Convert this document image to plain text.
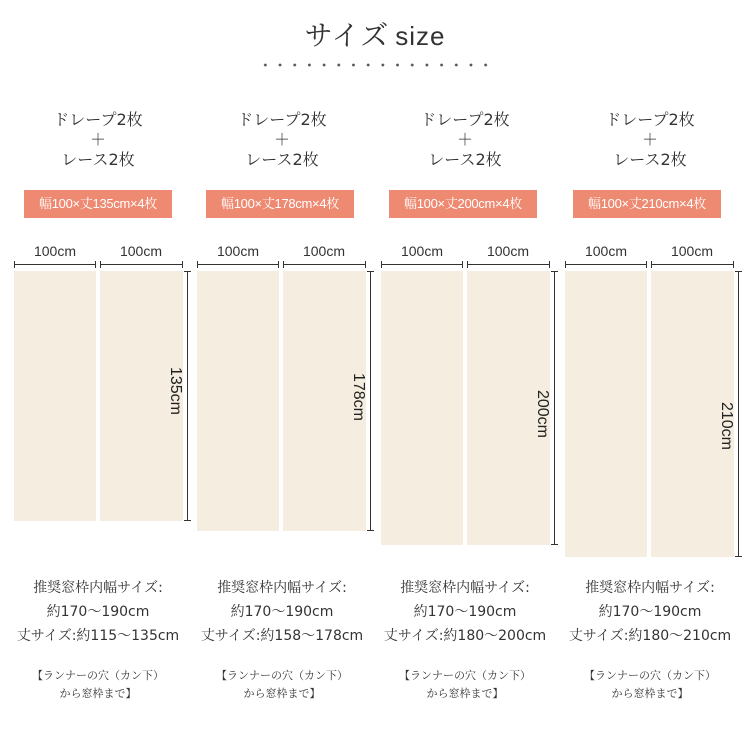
サイズ size
ドレープ2枚
＋
レース2枚
幅100×丈135cm×4枚
100cm	100cm
135cm
推奨窓枠内幅サイズ:
約170〜190cm
丈サイズ:約115〜135cm
【ランナーの穴（カン下）
から窓枠まで】
ドレープ2枚
＋
レース2枚
幅100×丈178cm×4枚
100cm	100cm
178cm
推奨窓枠内幅サイズ:
約170〜190cm
丈サイズ:約158〜178cm
【ランナーの穴（カン下）
から窓枠まで】
ドレープ2枚
＋
レース2枚
幅100×丈200cm×4枚
100cm	100cm
200cm
推奨窓枠内幅サイズ:
約170〜190cm
丈サイズ:約180〜200cm
【ランナーの穴（カン下）
から窓枠まで】
ドレープ2枚
＋
レース2枚
幅100×丈210cm×4枚
100cm	100cm
210cm
推奨窓枠内幅サイズ:
約170〜190cm
丈サイズ:約180〜210cm
【ランナーの穴（カン下）
から窓枠まで】
